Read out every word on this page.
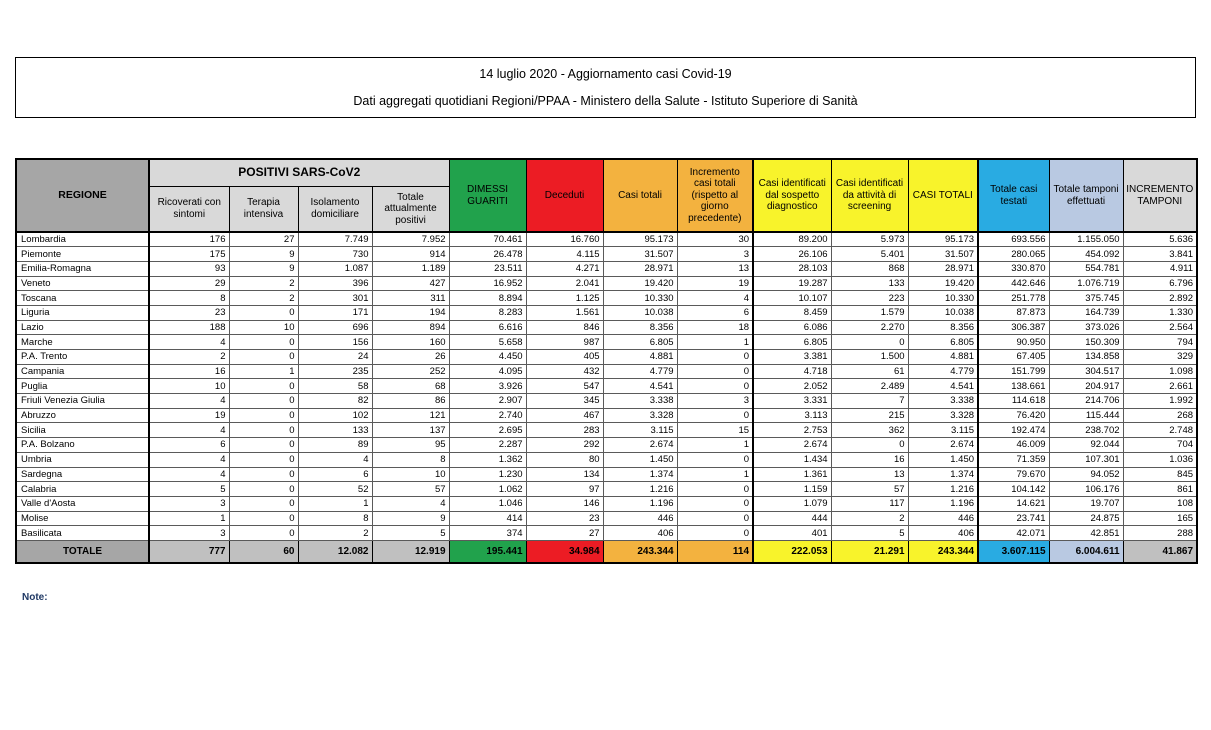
14 luglio 2020 - Aggiornamento casi Covid-19

Dati aggregati quotidiani Regioni/PPAA - Ministero della Salute - Istituto Superiore di Sanità

REGIONE	POSITIVI SARS-CoV2				DIMESSI GUARITI	Deceduti	Casi totali	Incremento casi totali (rispetto al giorno precedente)	Casi identificati dal sospetto diagnostico	Casi identificati da attività di screening	CASI TOTALI	Totale casi testati	Totale tamponi effettuati	INCREMENTO TAMPONI
	Ricoverati con sintomi	Terapia intensiva	Isolamento domiciliare	Totale attualmente positivi										
Lombardia	176	27	7.749	7.952	70.461	16.760	95.173	30	89.200	5.973	95.173	693.556	1.155.050	5.636
Piemonte	175	9	730	914	26.478	4.115	31.507	3	26.106	5.401	31.507	280.065	454.092	3.841
Emilia-Romagna	93	9	1.087	1.189	23.511	4.271	28.971	13	28.103	868	28.971	330.870	554.781	4.911
Veneto	29	2	396	427	16.952	2.041	19.420	19	19.287	133	19.420	442.646	1.076.719	6.796
Toscana	8	2	301	311	8.894	1.125	10.330	4	10.107	223	10.330	251.778	375.745	2.892
Liguria	23	0	171	194	8.283	1.561	10.038	6	8.459	1.579	10.038	87.873	164.739	1.330
Lazio	188	10	696	894	6.616	846	8.356	18	6.086	2.270	8.356	306.387	373.026	2.564
Marche	4	0	156	160	5.658	987	6.805	1	6.805	0	6.805	90.950	150.309	794
P.A. Trento	2	0	24	26	4.450	405	4.881	0	3.381	1.500	4.881	67.405	134.858	329
Campania	16	1	235	252	4.095	432	4.779	0	4.718	61	4.779	151.799	304.517	1.098
Puglia	10	0	58	68	3.926	547	4.541	0	2.052	2.489	4.541	138.661	204.917	2.661
Friuli Venezia Giulia	4	0	82	86	2.907	345	3.338	3	3.331	7	3.338	114.618	214.706	1.992
Abruzzo	19	0	102	121	2.740	467	3.328	0	3.113	215	3.328	76.420	115.444	268
Sicilia	4	0	133	137	2.695	283	3.115	15	2.753	362	3.115	192.474	238.702	2.748
P.A. Bolzano	6	0	89	95	2.287	292	2.674	1	2.674	0	2.674	46.009	92.044	704
Umbria	4	0	4	8	1.362	80	1.450	0	1.434	16	1.450	71.359	107.301	1.036
Sardegna	4	0	6	10	1.230	134	1.374	1	1.361	13	1.374	79.670	94.052	845
Calabria	5	0	52	57	1.062	97	1.216	0	1.159	57	1.216	104.142	106.176	861
Valle d'Aosta	3	0	1	4	1.046	146	1.196	0	1.079	117	1.196	14.621	19.707	108
Molise	1	0	8	9	414	23	446	0	444	2	446	23.741	24.875	165
Basilicata	3	0	2	5	374	27	406	0	401	5	406	42.071	42.851	288
TOTALE	777	60	12.082	12.919	195.441	34.984	243.344	114	222.053	21.291	243.344	3.607.115	6.004.611	41.867
Note:
